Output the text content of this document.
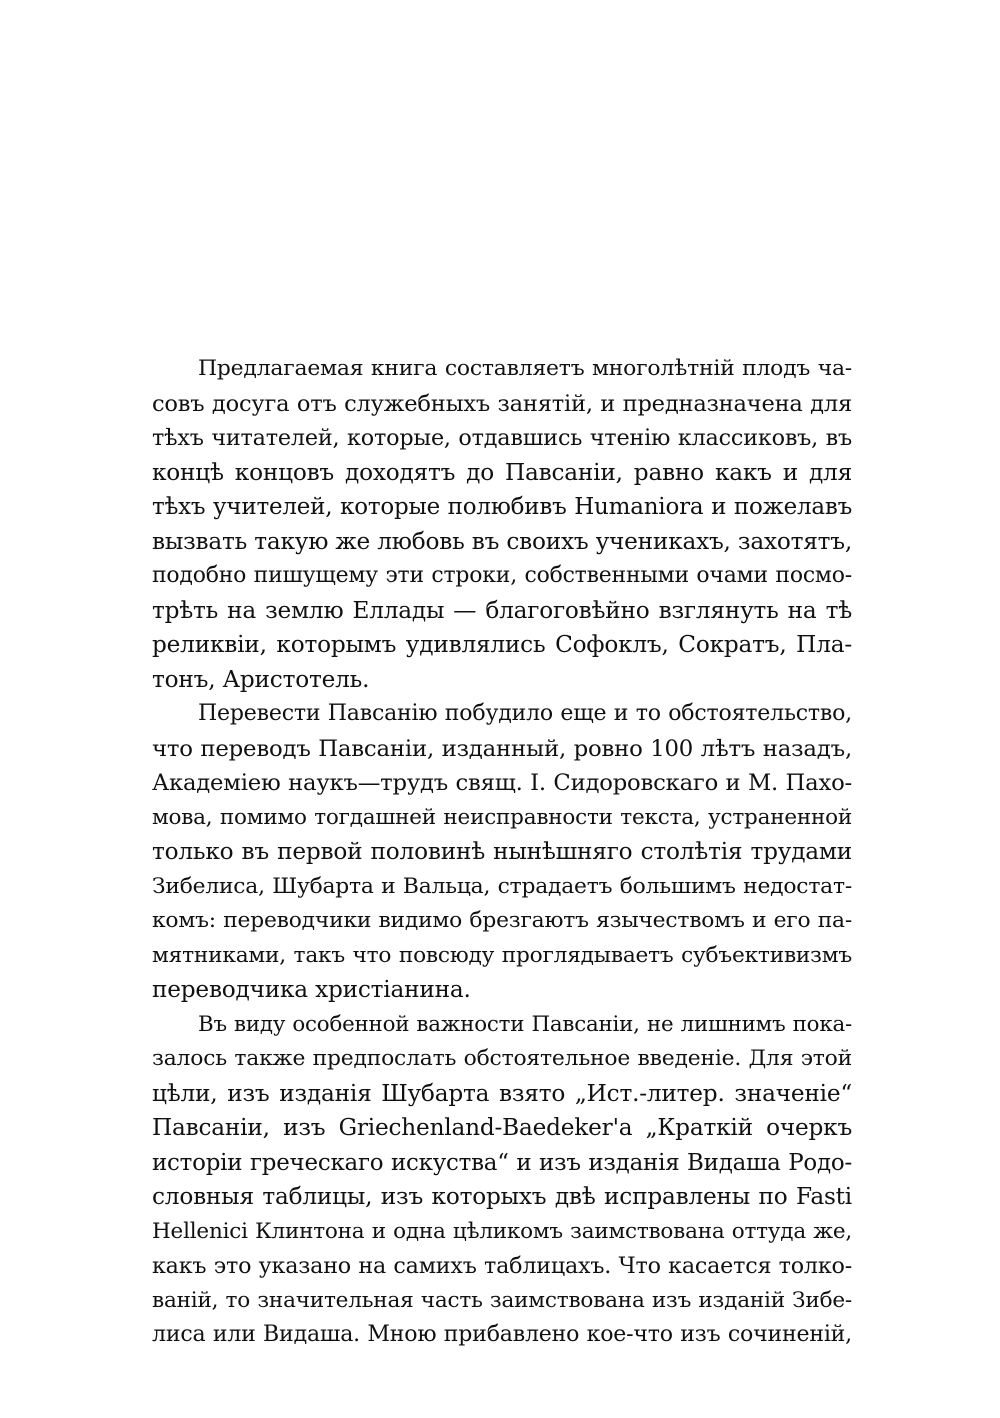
Предлагаемая книга составляетъ многолѣтній плодъ ча-
совъ досуга отъ служебныхъ занятій, и предназначена для
тѣхъ читателей, которые, отдавшись чтенію классиковъ, въ
концѣ концовъ доходятъ до Павсаніи, равно какъ и для
тѣхъ учителей, которые полюбивъ Humaniora и пожелавъ
вызвать такую же любовь въ своихъ ученикахъ, захотятъ,
подобно пишущему эти строки, собственными очами посмо-
трѣть на землю Еллады — благоговѣйно взглянуть на тѣ
реликвіи, которымъ удивлялись Софоклъ, Сократъ, Пла-
тонъ, Аристотель.
Перевести Павсанію побудило еще и то обстоятельство,
что переводъ Павсаніи, изданный, ровно 100 лѣтъ назадъ,
Академіею наукъ—трудъ свящ. І. Сидоровскаго и М. Пахо-
мова, помимо тогдашней неисправности текста, устраненной
только въ первой половинѣ нынѣшняго столѣтія трудами
Зибелиса, Шубарта и Вальца, страдаетъ большимъ недостат-
комъ: переводчики видимо брезгаютъ язычествомъ и его па-
мятниками, такъ что повсюду проглядываетъ субъективизмъ
переводчика христіанина.
Въ виду особенной важности Павсаніи, не лишнимъ пока-
залось также предпослать обстоятельное введеніе. Для этой
цѣли, изъ изданія Шубарта взято „Ист.-литер. значеніе“
Павсаніи, изъ Griechenland-Baedeker'a „Краткій очеркъ
исторіи греческаго искуства“ и изъ изданія Видаша Родо-
словныя таблицы, изъ которыхъ двѣ исправлены по Fasti
Hellenici Клинтона и одна цѣликомъ заимствована оттуда же,
какъ это указано на самихъ таблицахъ. Что касается толко-
ваній, то значительная часть заимствована изъ изданій Зибе-
лиса или Видаша. Мною прибавлено кое-что изъ сочиненій,
